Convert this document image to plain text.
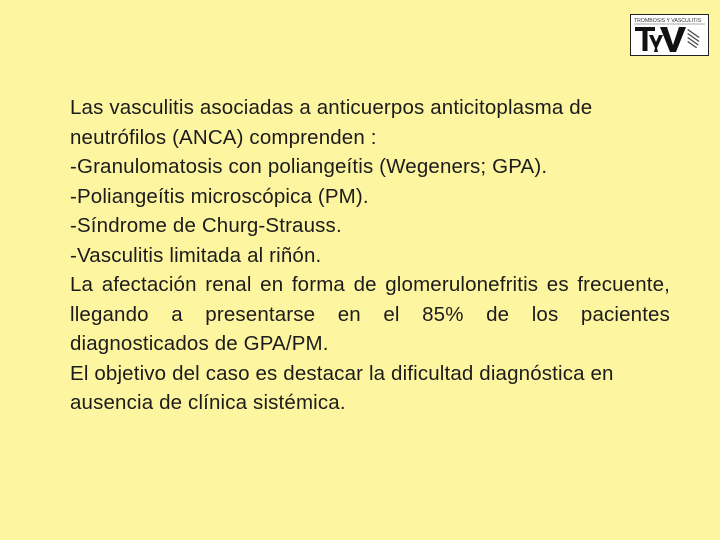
TROMBOSIS Y VASCULITIS

Las vasculitis asociadas a anticuerpos anticitoplasma de neutrófilos (ANCA) comprenden :

-Granulomatosis con poliangeítis (Wegeners; GPA).

-Poliangeítis microscópica (PM).

-Síndrome de Churg-Strauss.

-Vasculitis limitada al riñón.

La afectación renal en forma de glomerulonefritis es frecuente, llegando a presentarse en el 85% de los pacientes diagnosticados de GPA/PM.

El objetivo del caso es destacar la dificultad diagnóstica en ausencia de clínica sistémica.
